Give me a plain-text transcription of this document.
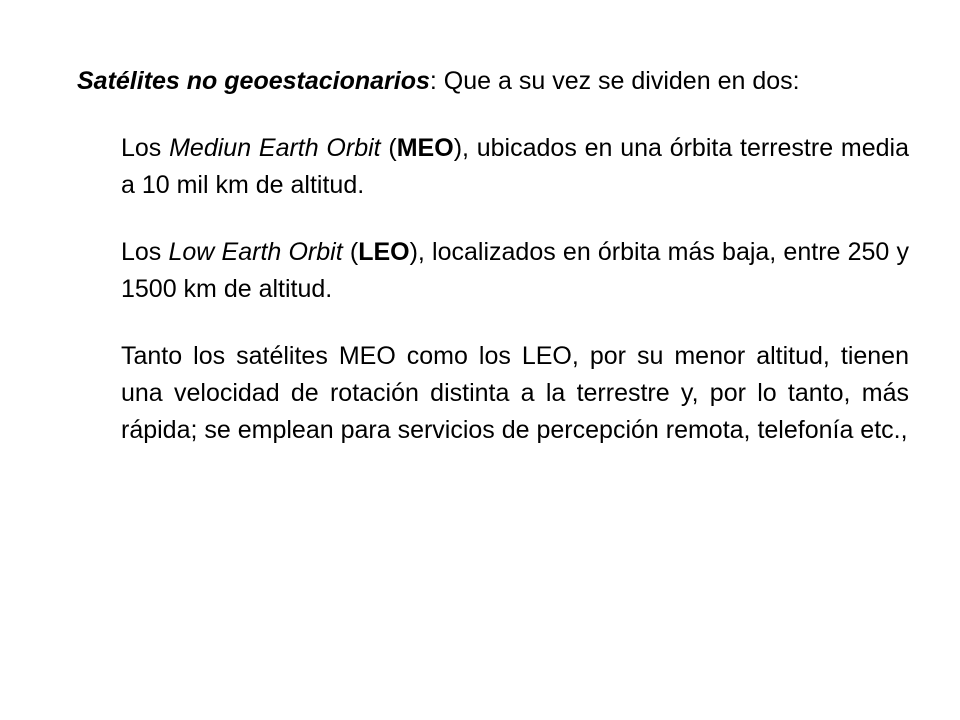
Satélites no geoestacionarios: Que a su vez se dividen en dos:

Los Mediun Earth Orbit (MEO), ubicados en una órbita terrestre media a 10 mil km de altitud.

Los Low Earth Orbit (LEO), localizados en órbita más baja, entre 250 y 1500 km de altitud.

Tanto los satélites MEO como los LEO, por su menor altitud, tienen una velocidad de rotación distinta a la terrestre y, por lo tanto, más rápida; se emplean para servicios de percepción remota, telefonía etc.,
